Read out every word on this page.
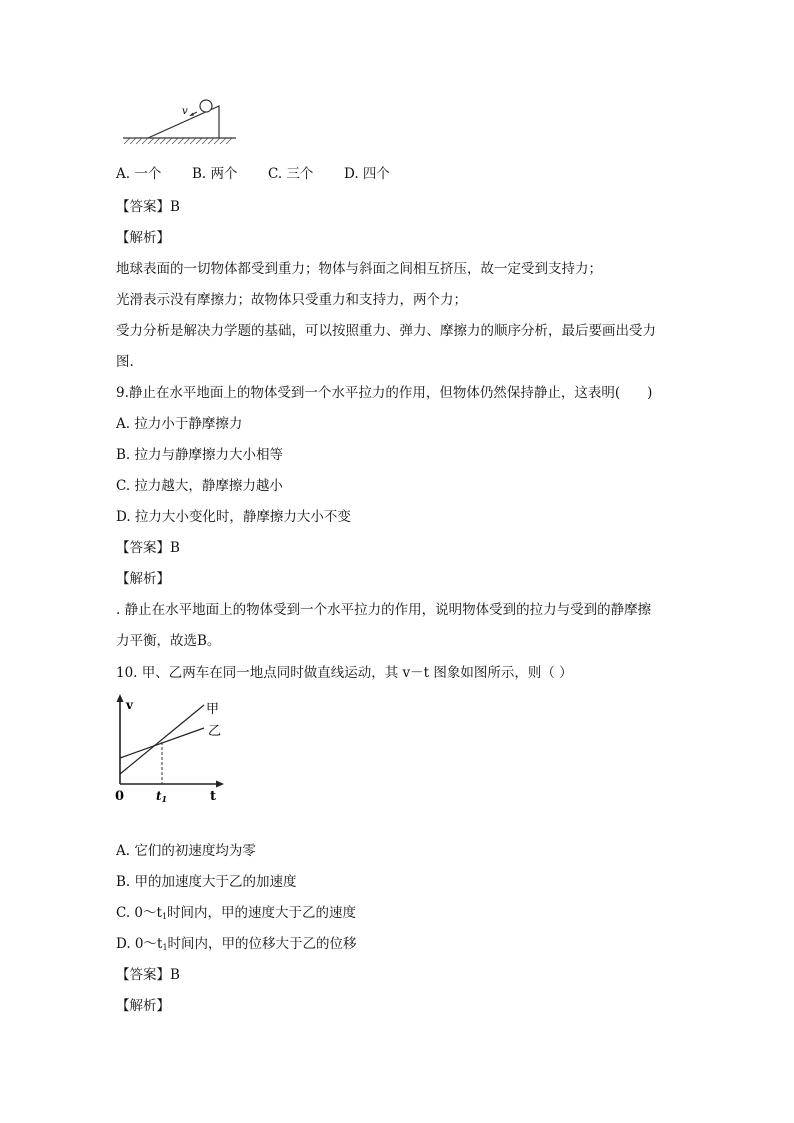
v
A. 一个 B. 两个 C. 三个 D. 四个
【答案】B
【解析】
地球表面的一切物体都受到重力；物体与斜面之间相互挤压，故一定受到支持力；
光滑表示没有摩擦力；故物体只受重力和支持力，两个力；
受力分析是解决力学题的基础，可以按照重力、弹力、摩擦力的顺序分析，最后要画出受力
图.
9.静止在水平地面上的物体受到一个水平拉力的作用，但物体仍然保持静止，这表明(　　)
A. 拉力小于静摩擦力
B. 拉力与静摩擦力大小相等
C. 拉力越大，静摩擦力越小
D. 拉力大小变化时，静摩擦力大小不变
【答案】B
【解析】
. 静止在水平地面上的物体受到一个水平拉力的作用，说明物体受到的拉力与受到的静摩擦
力平衡，故选B。
10. 甲、乙两车在同一地点同时做直线运动，其 v－t 图象如图所示，则（ ）
v
t
0
甲
乙
t1
A. 它们的初速度均为零
B. 甲的加速度大于乙的加速度
C. $0\sim t_1$时间内，甲的速度大于乙的速度
D. $0\sim t_1$时间内，甲的位移大于乙的位移
【答案】B
【解析】
